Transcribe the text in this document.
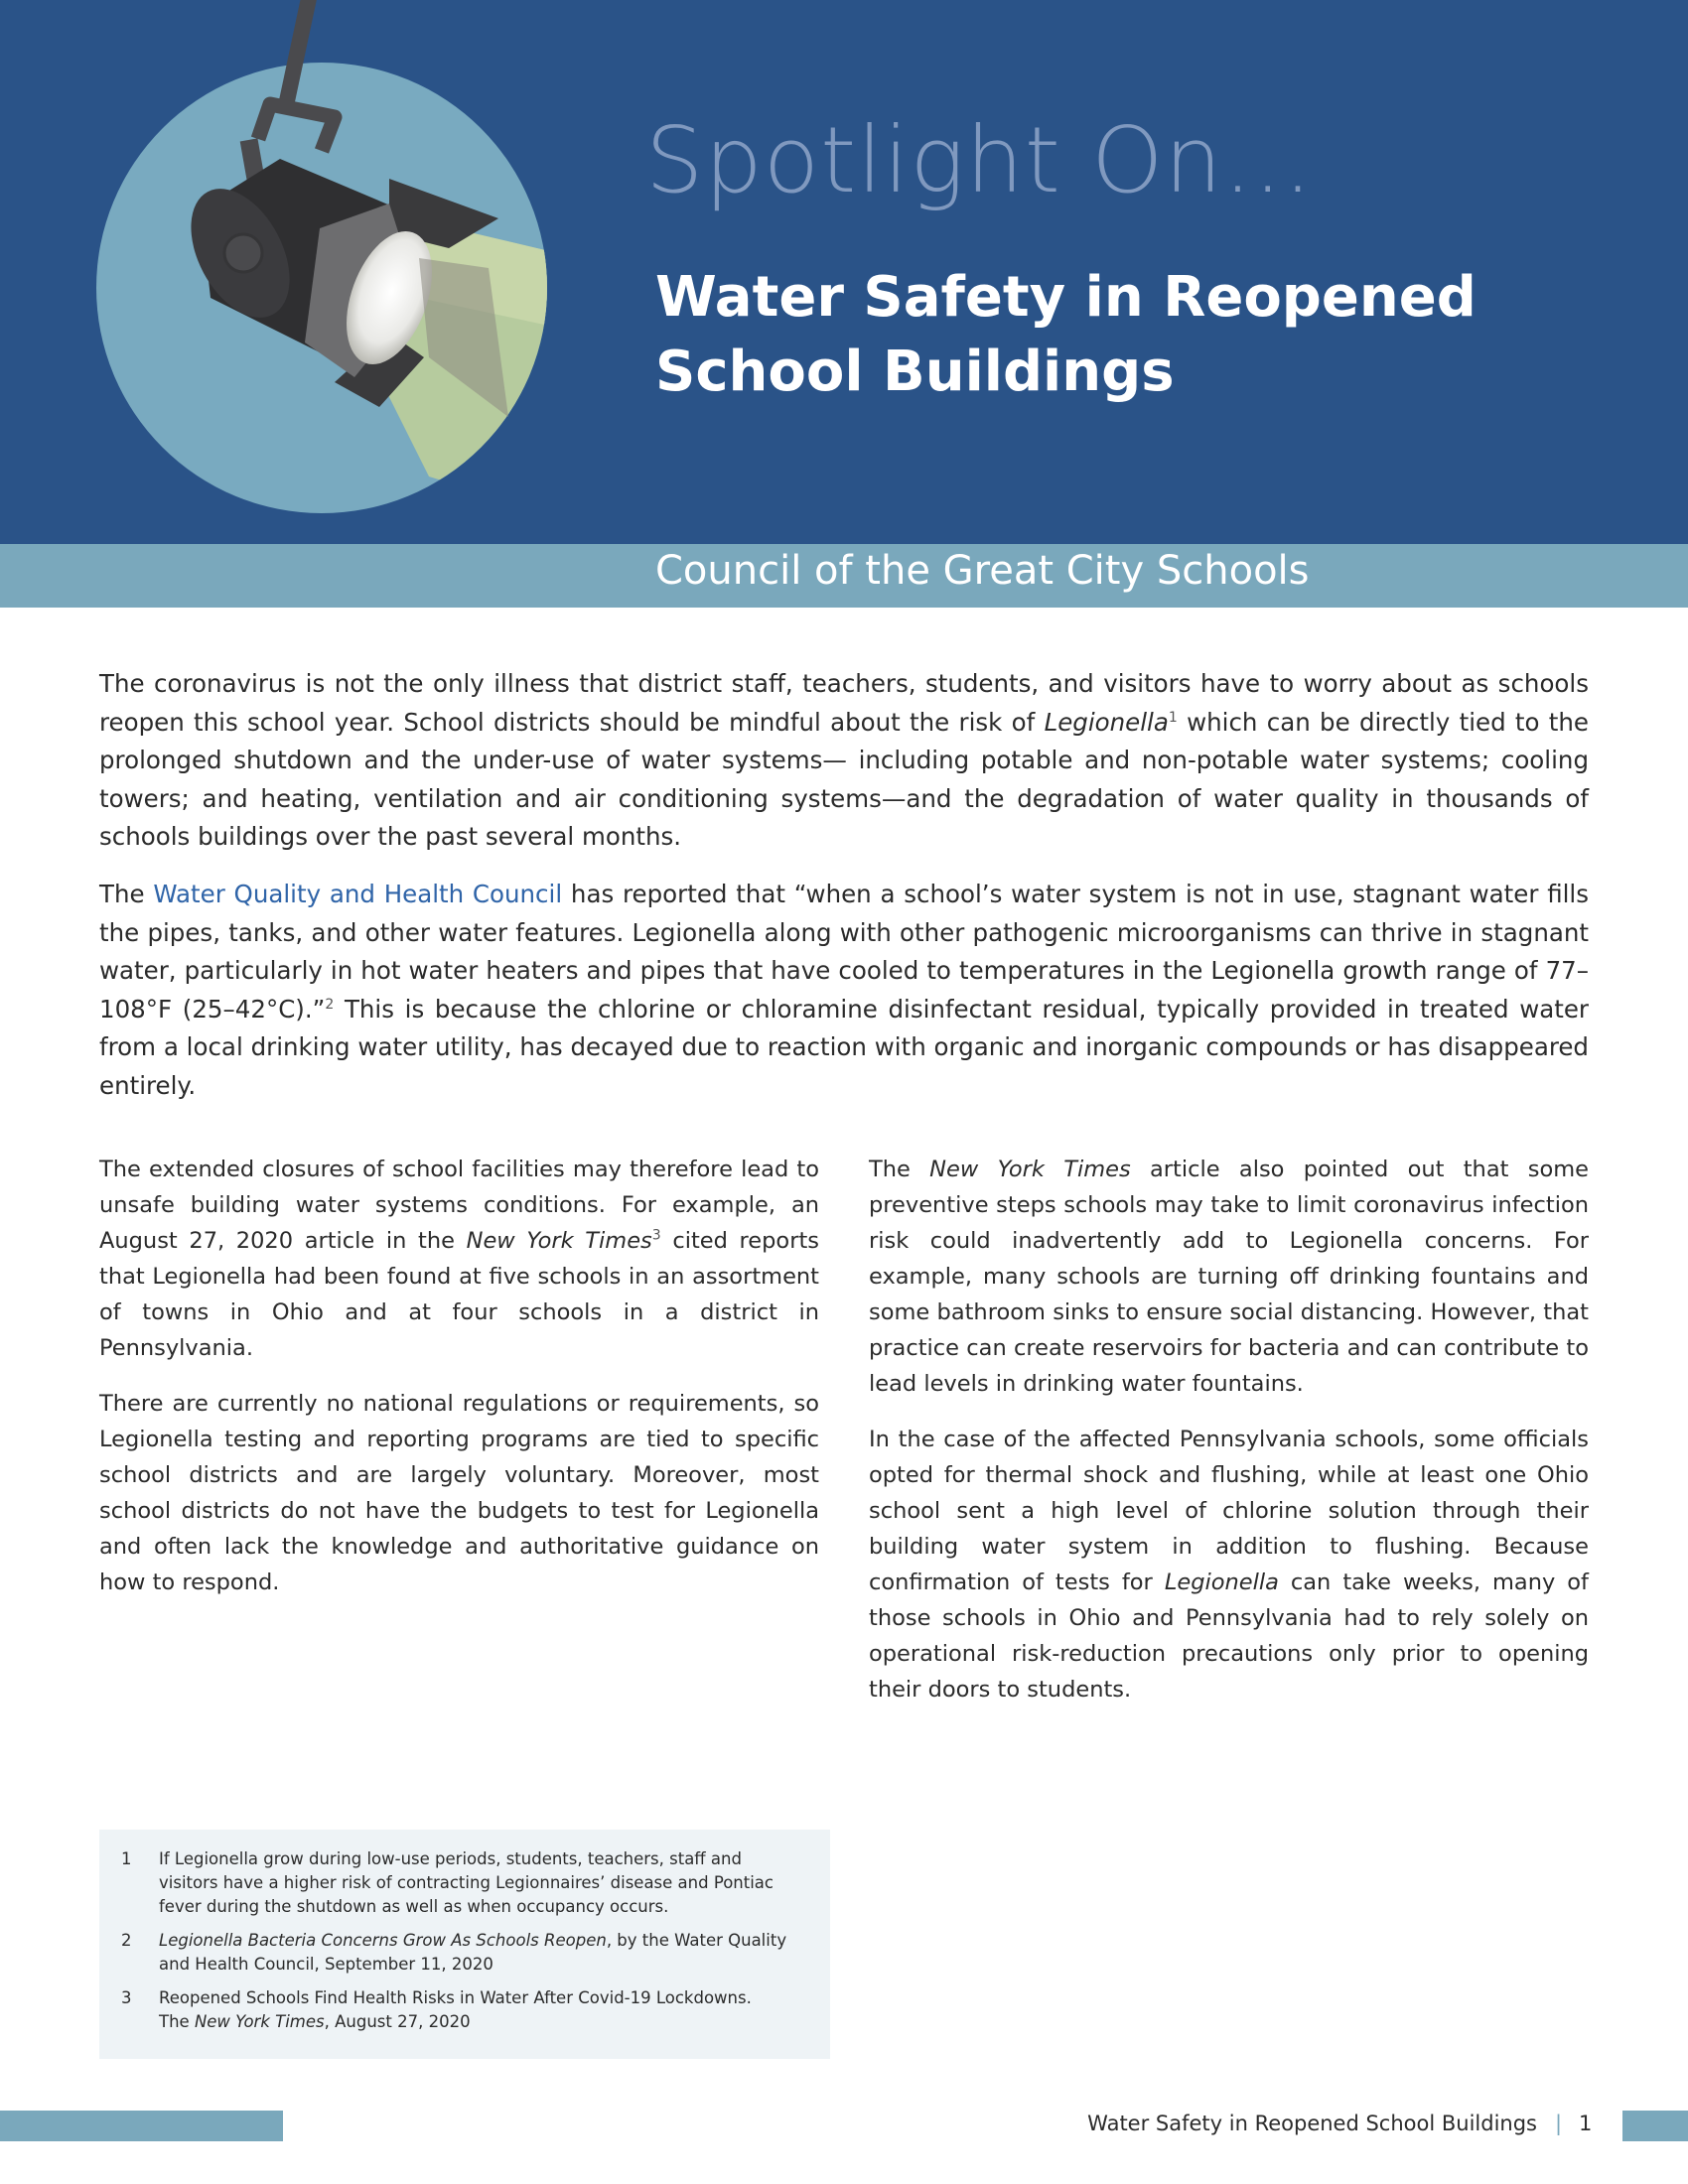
Spotlight On...
Water Safety in Reopened
School Buildings
Council of the Great City Schools

The coronavirus is not the only illness that district staff, teachers, students, and visitors have to worry about as schools reopen this school year. School districts should be mindful about the risk of Legionella$^1$ which can be directly tied to the prolonged shutdown and the under-use of water systems— including potable and non-potable water systems; cooling towers; and heating, ventilation and air conditioning systems—and the degradation of water quality in thousands of schools buildings over the past several months.

The Water Quality and Health Council has reported that “when a school’s water system is not in use, stagnant water fills the pipes, tanks, and other water features. Legionella along with other pathogenic microorganisms can thrive in stagnant water, particularly in hot water heaters and pipes that have cooled to temperatures in the Legionella growth range of 77–108°F (25–42°C).”$^2$ This is because the chlorine or chloramine disinfectant residual, typically provided in treated water from a local drinking water utility, has decayed due to reaction with organic and inorganic compounds or has disappeared entirely.

The extended closures of school facilities may therefore lead to unsafe building water systems conditions. For example, an August 27, 2020 article in the New York Times$^3$ cited reports that Legionella had been found at five schools in an assortment of towns in Ohio and at four schools in a district in Pennsylvania.

There are currently no national regulations or requirements, so Legionella testing and reporting programs are tied to specific school districts and are largely voluntary. Moreover, most school districts do not have the budgets to test for Legionella and often lack the knowledge and authoritative guidance on how to respond.

The New York Times article also pointed out that some preventive steps schools may take to limit coronavirus infection risk could inadvertently add to Legionella concerns. For example, many schools are turning off drinking fountains and some bathroom sinks to ensure social distancing. However, that practice can create reservoirs for bacteria and can contribute to lead levels in drinking water fountains.

In the case of the affected Pennsylvania schools, some officials opted for thermal shock and flushing, while at least one Ohio school sent a high level of chlorine solution through their building water system in addition to flushing. Because confirmation of tests for Legionella can take weeks, many of those schools in Ohio and Pennsylvania had to rely solely on operational risk-reduction precautions only prior to opening their doors to students.

1	If Legionella grow during low-use periods, students, teachers, staff and visitors have a higher risk of contracting Legionnaires’ disease and Pontiac fever during the shutdown as well as when occupancy occurs.
2	Legionella Bacteria Concerns Grow As Schools Reopen, by the Water Quality and Health Council, September 11, 2020
3	Reopened Schools Find Health Risks in Water After Covid-19 Lockdowns.
The New York Times, August 27, 2020
Water Safety in Reopened School Buildings | 1
